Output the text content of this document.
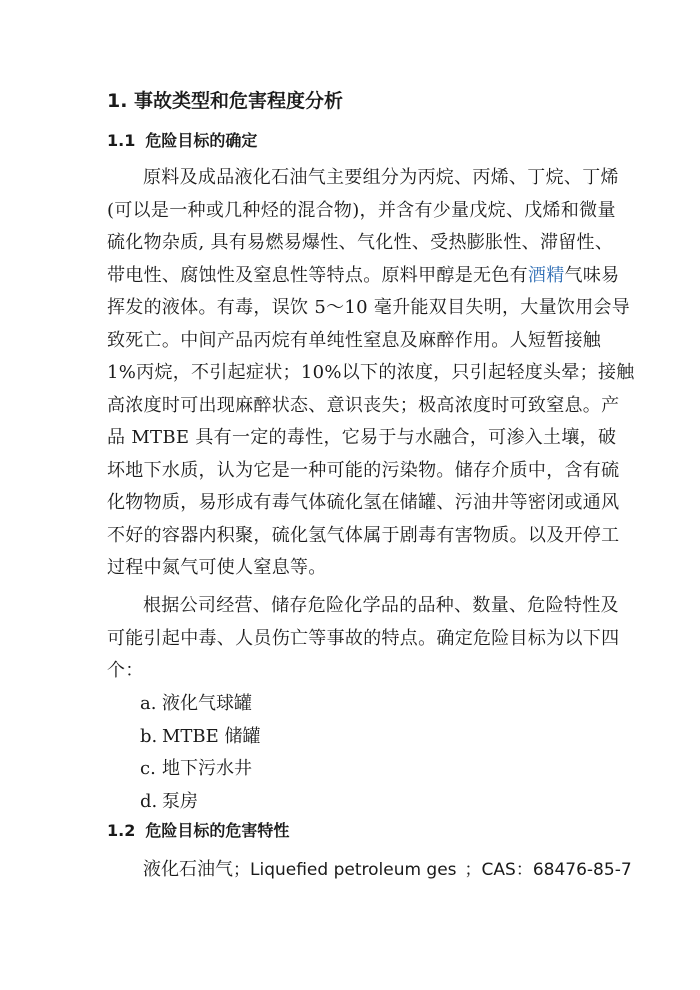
1. 事故类型和危害程度分析
1.1 危险目标的确定
原料及成品液化石油气主要组分为丙烷、丙烯、丁烷、丁烯
(可以是一种或几种烃的混合物)，并含有少量戊烷、戊烯和微量
硫化物杂质, 具有易燃易爆性、气化性、受热膨胀性、滞留性、
带电性、腐蚀性及窒息性等特点。原料甲醇是无色有酒精气味易
挥发的液体。有毒，误饮 5～10 毫升能双目失明，大量饮用会导
致死亡。中间产品丙烷有单纯性窒息及麻醉作用。人短暂接触
1%丙烷，不引起症状；10%以下的浓度，只引起轻度头晕；接触
高浓度时可出现麻醉状态、意识丧失；极高浓度时可致窒息。产
品 MTBE 具有一定的毒性，它易于与水融合，可渗入土壤，破
坏地下水质，认为它是一种可能的污染物。储存介质中，含有硫
化物物质，易形成有毒气体硫化氢在储罐、污油井等密闭或通风
不好的容器内积聚，硫化氢气体属于剧毒有害物质。以及开停工
过程中氮气可使人窒息等。
根据公司经营、储存危险化学品的品种、数量、危险特性及
可能引起中毒、人员伤亡等事故的特点。确定危险目标为以下四
个：
a. 液化气球罐
b. MTBE 储罐
c. 地下污水井
d. 泵房
1.2 危险目标的危害特性
液化石油气；Liquefied petroleum ges ；CAS：68476-85-7
